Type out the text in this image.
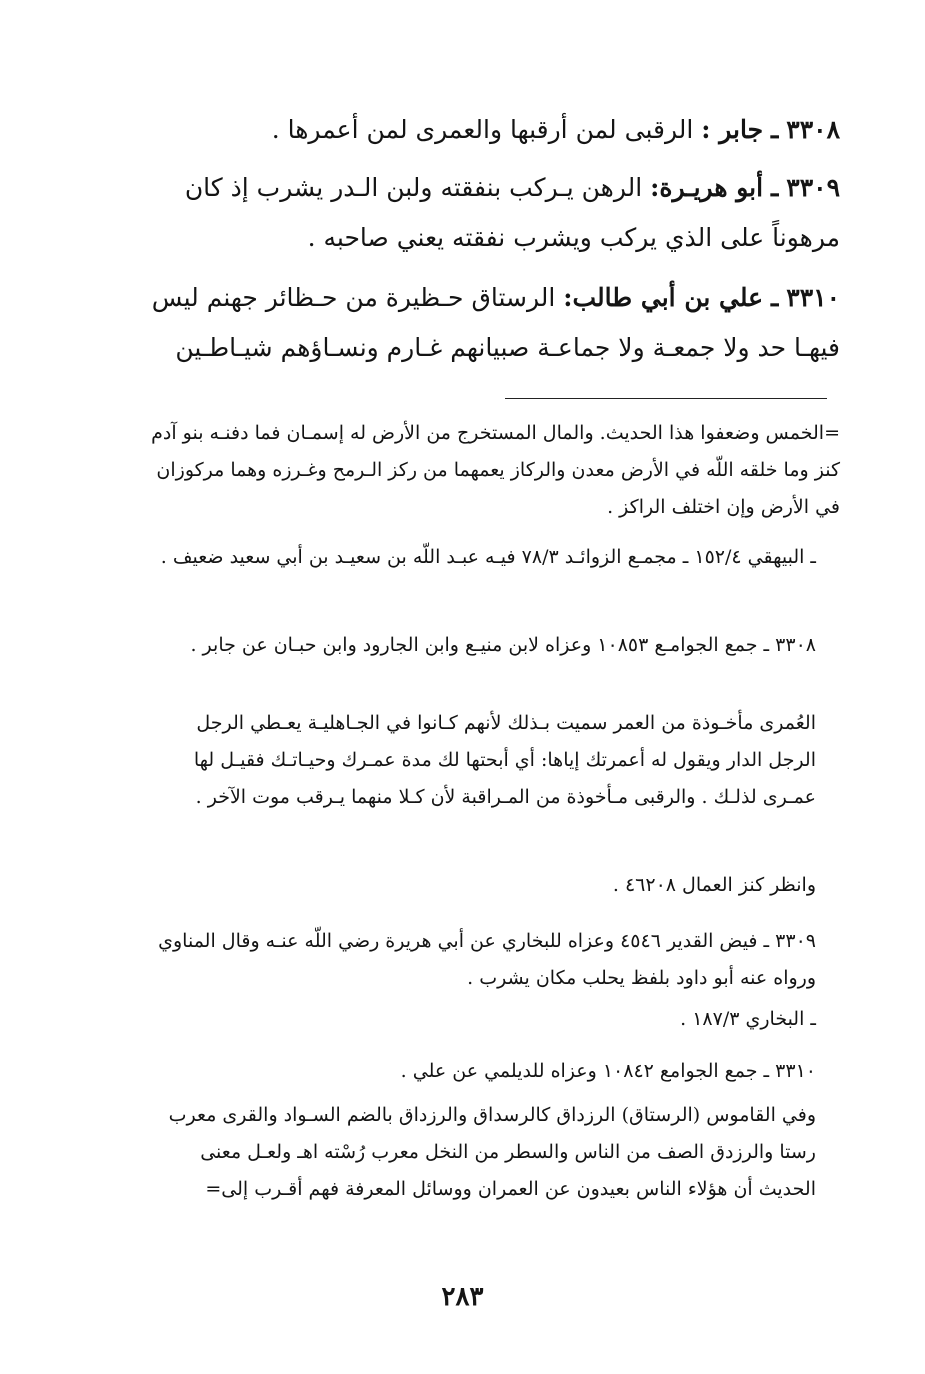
٣٣٠٨ ـ جابر : الرقبى لمن أرقبها والعمرى لمن أعمرها .
٣٣٠٩ ـ أبو هريـرة: الرهن يـركب بنفقته ولبن الـدر يشرب إذ كان مرهوناً على الذي يركب ويشرب نفقته يعني صاحبه .
٣٣١٠ ـ علي بن أبي طالب: الرستاق حـظيرة من حـظائر جهنم ليس فيهـا حد ولا جمعـة ولا جماعـة صبيانهم غـارم ونسـاؤهم شيـاطـين
=الخمس وضعفوا هذا الحديث. والمال المستخرج من الأرض له إسمـان فما دفنـه بنو آدم كنز وما خلقه اللّه في الأرض معدن والركاز يعمهما من ركز الـرمح وغـرزه وهما مركوزان في الأرض وإن اختلف الراكز .
ـ البيهقي ١٥٢/٤ ـ مجمـع الزوائـد ٧٨/٣ فيـه عبـد اللّه بن سعيـد بن أبي سعيد ضعيف .
٣٣٠٨ ـ جمع الجوامـع ١٠٨٥٣ وعزاه لابن منيـع وابن الجارود وابن حبـان عن جابر .
العُمرى مأخـوذة من العمر سميت بـذلك لأنهم كـانوا في الجـاهليـة يعـطي الرجل الرجل الدار ويقول له أعمرتك إياها: أي أبحتها لك مدة عمـرك وحيـاتـك فقيـل لها عمـرى لذلـك . والرقبى مـأخوذة من المـراقبة لأن كـلا منهما يـرقب موت الآخر .
وانظر كنز العمال ٤٦٢٠٨ .
٣٣٠٩ ـ فيض القدير ٤٥٤٦ وعزاه للبخاري عن أبي هريرة رضي اللّه عنـه وقال المناوي ورواه عنه أبو داود بلفظ يحلب مكان يشرب .
ـ البخاري ١٨٧/٣ .
٣٣١٠ ـ جمع الجوامع ١٠٨٤٢ وعزاه للديلمي عن علي .
وفي القاموس (الرستاق) الرزداق كالرسداق والرزداق بالضم السـواد والقرى معرب رستا والرزدق الصف من الناس والسطر من النخل معرب رُسْته اهـ ولعـل معنى الحديث أن هؤلاء الناس بعيدون عن العمران ووسائل المعرفة فهم أقـرب إلى=
٢٨٣
